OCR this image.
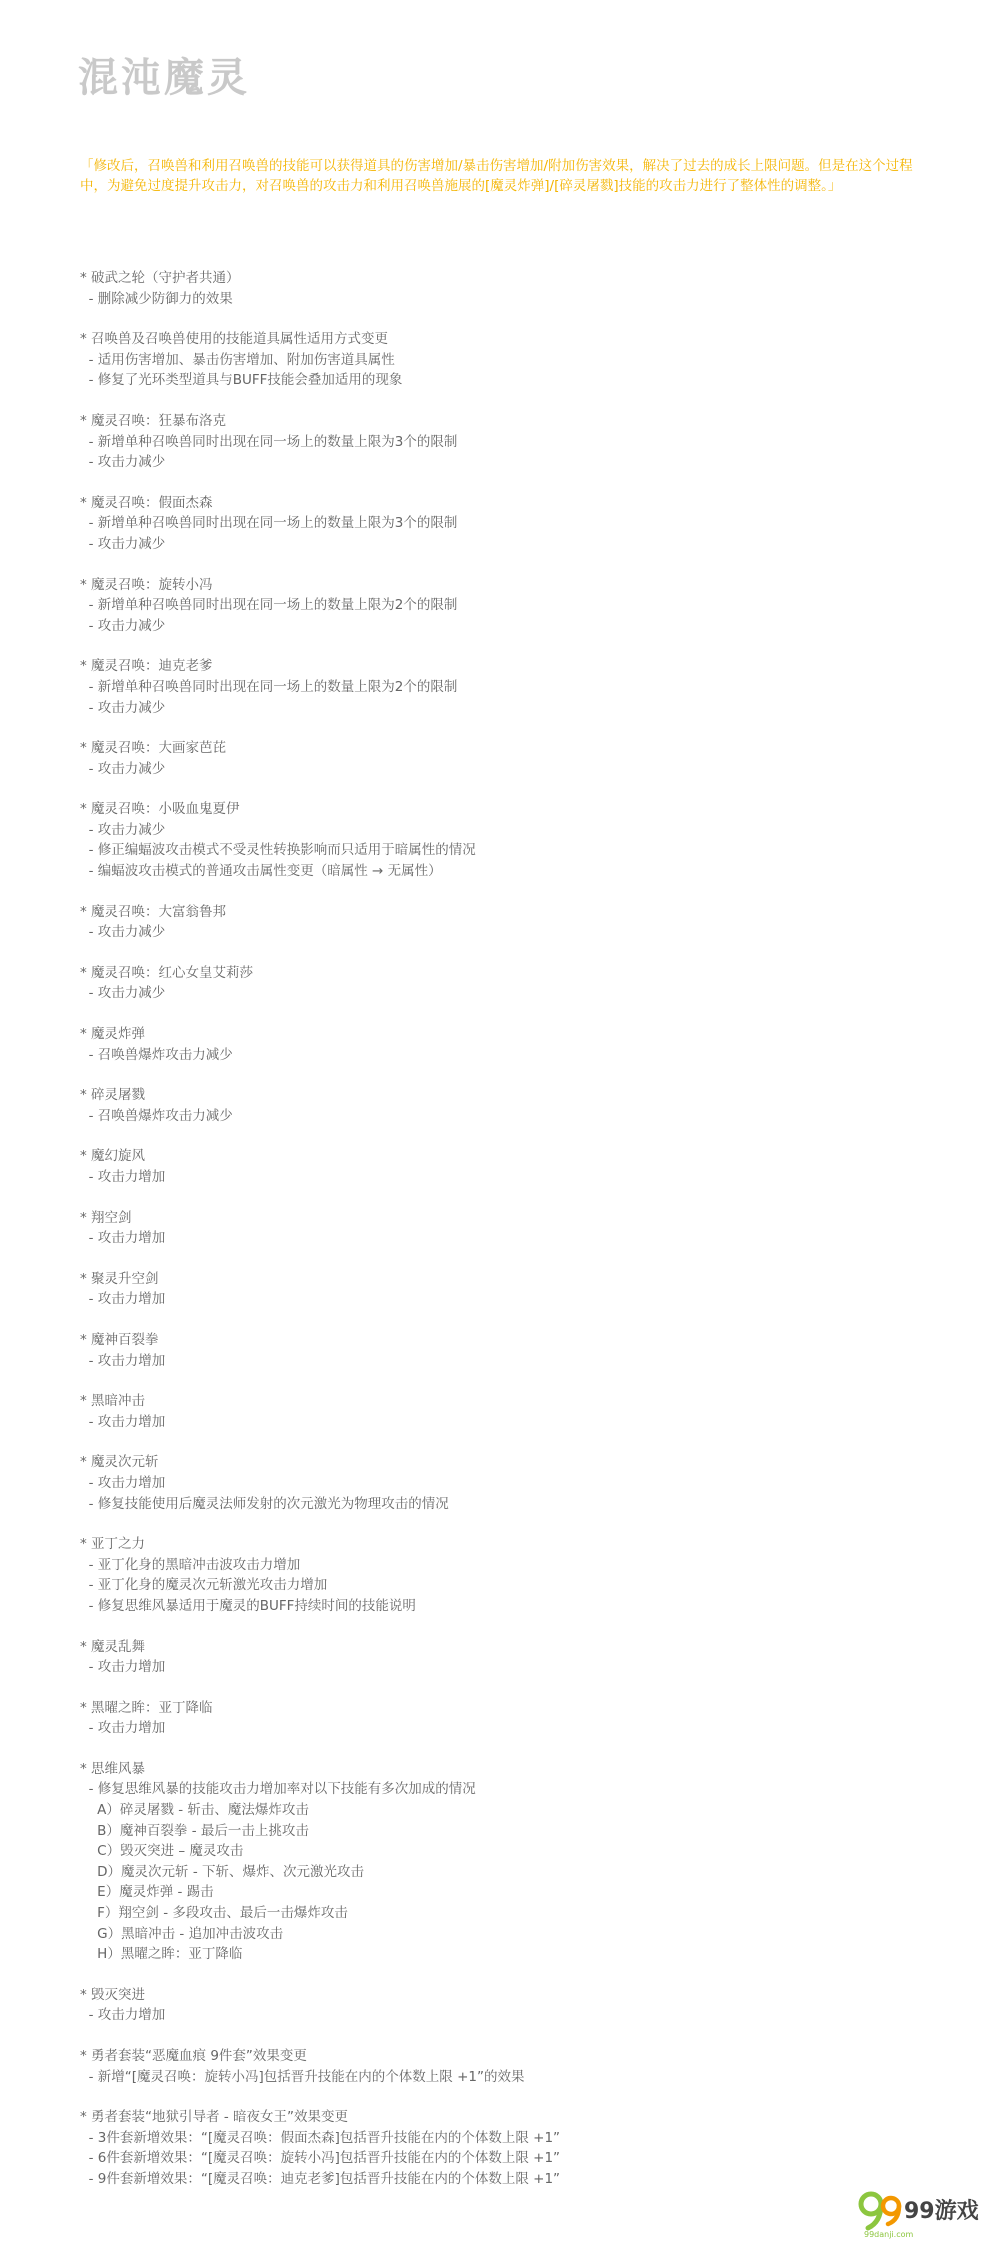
混沌魔灵

「修改后，召唤兽和利用召唤兽的技能可以获得道具的伤害增加/暴击伤害增加/附加伤害效果，解决了过去的成长上限问题。但是在这个过程中，为避免过度提升攻击力，对召唤兽的攻击力和利用召唤兽施展的[魔灵炸弹]/[碎灵屠戮]技能的攻击力进行了整体性的调整。」

* 破武之轮（守护者共通）
- 删除减少防御力的效果
* 召唤兽及召唤兽使用的技能道具属性适用方式变更
- 适用伤害增加、暴击伤害增加、附加伤害道具属性
- 修复了光环类型道具与BUFF技能会叠加适用的现象
* 魔灵召唤：狂暴布洛克
- 新增单种召唤兽同时出现在同一场上的数量上限为3个的限制
- 攻击力减少
* 魔灵召唤：假面杰森
- 新增单种召唤兽同时出现在同一场上的数量上限为3个的限制
- 攻击力减少
* 魔灵召唤：旋转小冯
- 新增单种召唤兽同时出现在同一场上的数量上限为2个的限制
- 攻击力减少
* 魔灵召唤：迪克老爹
- 新增单种召唤兽同时出现在同一场上的数量上限为2个的限制
- 攻击力减少
* 魔灵召唤：大画家芭芘
- 攻击力减少
* 魔灵召唤：小吸血鬼夏伊
- 攻击力减少
- 修正编蝠波攻击模式不受灵性转换影响而只适用于暗属性的情况
- 编蝠波攻击模式的普通攻击属性变更（暗属性 → 无属性）
* 魔灵召唤：大富翁鲁邦
- 攻击力减少
* 魔灵召唤：红心女皇艾莉莎
- 攻击力减少
* 魔灵炸弹
- 召唤兽爆炸攻击力减少
* 碎灵屠戮
- 召唤兽爆炸攻击力减少
* 魔幻旋风
- 攻击力增加
* 翔空剑
- 攻击力增加
* 聚灵升空剑
- 攻击力增加
* 魔神百裂拳
- 攻击力增加
* 黑暗冲击
- 攻击力增加
* 魔灵次元斩
- 攻击力增加
- 修复技能使用后魔灵法师发射的次元激光为物理攻击的情况
* 亚丁之力
- 亚丁化身的黑暗冲击波攻击力增加
- 亚丁化身的魔灵次元斩激光攻击力增加
- 修复思维风暴适用于魔灵的BUFF持续时间的技能说明
* 魔灵乱舞
- 攻击力增加
* 黑曜之眸：亚丁降临
- 攻击力增加
* 思维风暴
- 修复思维风暴的技能攻击力增加率对以下技能有多次加成的情况
A）碎灵屠戮 - 斩击、魔法爆炸攻击
B）魔神百裂拳 - 最后一击上挑攻击
C）毁灭突进 – 魔灵攻击
D）魔灵次元斩 - 下斩、爆炸、次元激光攻击
E）魔灵炸弹 - 踢击
F）翔空剑 - 多段攻击、最后一击爆炸攻击
G）黑暗冲击 - 追加冲击波攻击
H）黑曜之眸：亚丁降临
* 毁灭突进
- 攻击力增加
* 勇者套装“恶魔血痕 9件套”效果变更
- 新增“[魔灵召唤：旋转小冯]包括晋升技能在内的个体数上限 +1”的效果
* 勇者套装“地狱引导者 - 暗夜女王”效果变更
- 3件套新增效果：“[魔灵召唤：假面杰森]包括晋升技能在内的个体数上限 +1”
- 6件套新增效果：“[魔灵召唤：旋转小冯]包括晋升技能在内的个体数上限 +1”
- 9件套新增效果：“[魔灵召唤：迪克老爹]包括晋升技能在内的个体数上限 +1”
99游戏
99danji.com
